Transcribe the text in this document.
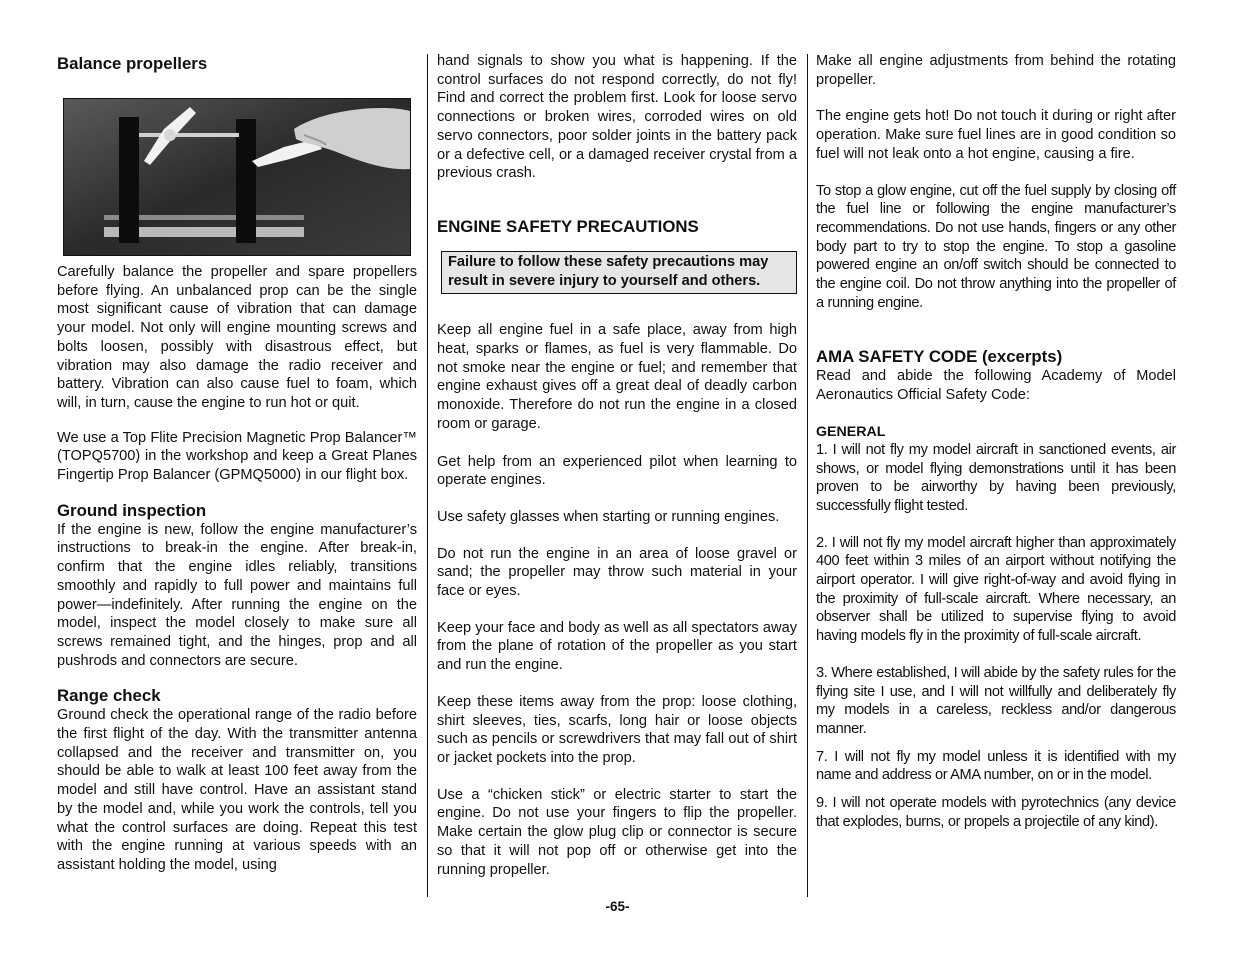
Balance propellers

Carefully balance the propeller and spare propellers before flying. An unbalanced prop can be the single most significant cause of vibration that can damage your model. Not only will engine mounting screws and bolts loosen, possibly with disastrous effect, but vibration may also damage the radio receiver and battery. Vibration can also cause fuel to foam, which will, in turn, cause the engine to run hot or quit.

We use a Top Flite Precision Magnetic Prop Balancer™ (TOPQ5700) in the workshop and keep a Great Planes Fingertip Prop Balancer (GPMQ5000) in our flight box.

Ground inspection

If the engine is new, follow the engine manufacturer’s instructions to break-in the engine. After break-in, confirm that the engine idles reliably, transitions smoothly and rapidly to full power and maintains full power—indefinitely. After running the engine on the model, inspect the model closely to make sure all screws remained tight, and the hinges, prop and all pushrods and connectors are secure.

Range check

Ground check the operational range of the radio before the first flight of the day. With the transmitter antenna collapsed and the receiver and transmitter on, you should be able to walk at least 100 feet away from the model and still have control. Have an assistant stand by the model and, while you work the controls, tell you what the control surfaces are doing. Repeat this test with the engine running at various speeds with an assistant holding the model, using

hand signals to show you what is happening. If the control surfaces do not respond correctly, do not fly! Find and correct the problem first. Look for loose servo connections or broken wires, corroded wires on old servo connectors, poor solder joints in the battery pack or a defective cell, or a damaged receiver crystal from a previous crash.

ENGINE SAFETY PRECAUTIONS
Failure to follow these safety precautions may result in severe injury to yourself and others.

Keep all engine fuel in a safe place, away from high heat, sparks or flames, as fuel is very flammable. Do not smoke near the engine or fuel; and remember that engine exhaust gives off a great deal of deadly carbon monoxide. Therefore do not run the engine in a closed room or garage.

Get help from an experienced pilot when learning to operate engines.

Use safety glasses when starting or running engines.

Do not run the engine in an area of loose gravel or sand; the propeller may throw such material in your face or eyes.

Keep your face and body as well as all spectators away from the plane of rotation of the propeller as you start and run the engine.

Keep these items away from the prop: loose clothing, shirt sleeves, ties, scarfs, long hair or loose objects such as pencils or screwdrivers that may fall out of shirt or jacket pockets into the prop.

Use a “chicken stick” or electric starter to start the engine. Do not use your fingers to flip the propeller. Make certain the glow plug clip or connector is secure so that it will not pop off or otherwise get into the running propeller.

Make all engine adjustments from behind the rotating propeller.

The engine gets hot! Do not touch it during or right after operation. Make sure fuel lines are in good condition so fuel will not leak onto a hot engine, causing a fire.

To stop a glow engine, cut off the fuel supply by closing off the fuel line or following the engine manufacturer’s recommendations. Do not use hands, fingers or any other body part to try to stop the engine. To stop a gasoline powered engine an on/off switch should be connected to the engine coil. Do not throw anything into the propeller of a running engine.

AMA SAFETY CODE (excerpts)

Read and abide the following Academy of Model Aeronautics Official Safety Code:

GENERAL

1. I will not fly my model aircraft in sanctioned events, air shows, or model flying demonstrations until it has been proven to be airworthy by having been previously, successfully flight tested.

2. I will not fly my model aircraft higher than approximately 400 feet within 3 miles of an airport without notifying the airport operator. I will give right-of-way and avoid flying in the proximity of full-scale aircraft. Where necessary, an observer shall be utilized to supervise flying to avoid having models fly in the proximity of full-scale aircraft.

3. Where established, I will abide by the safety rules for the flying site I use, and I will not willfully and deliberately fly my models in a careless, reckless and/or dangerous manner.

7. I will not fly my model unless it is identified with my name and address or AMA number, on or in the model.

9. I will not operate models with pyrotechnics (any device that explodes, burns, or propels a projectile of any kind).

-65-
